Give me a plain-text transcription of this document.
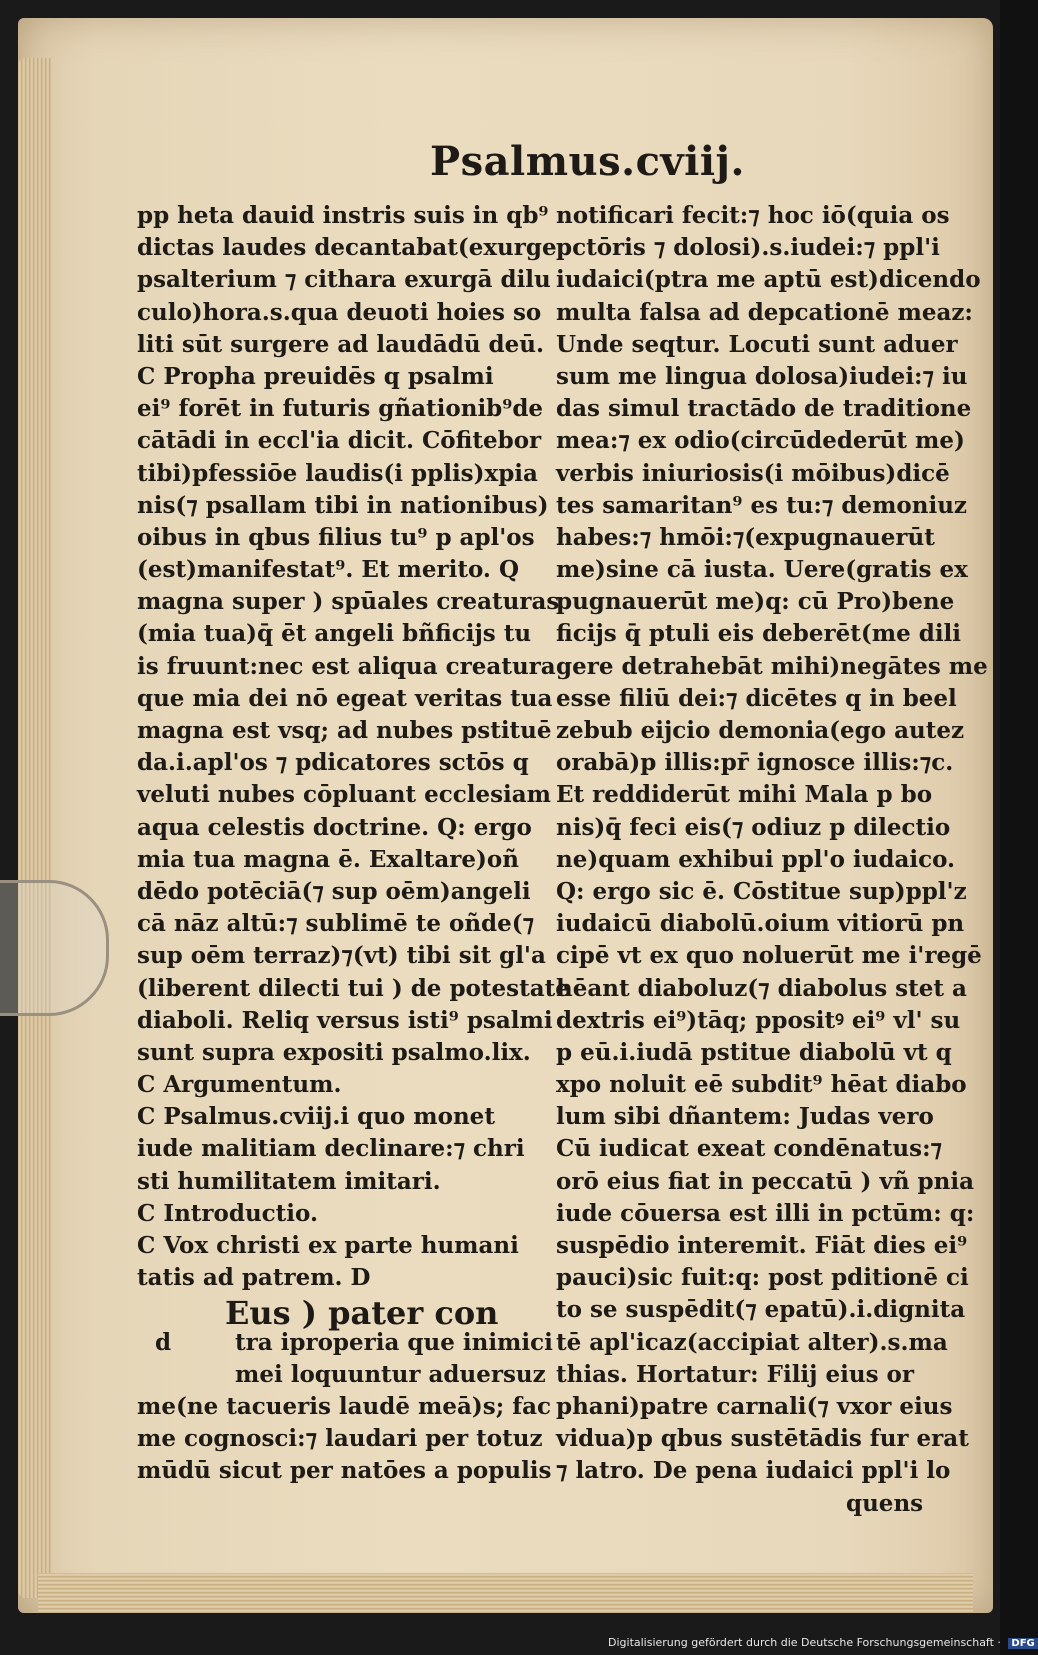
Psalmus.cviij.
pp heta dauid instris suis in qb⁹
dictas laudes decantabat(exurge
psalterium ⁊ cithara exurgā dilu
culo)hora.s.qua deuoti hoies so
liti sūt surgere ad laudādū deū.
C Propha preuidēs q psalmi
ei⁹ forēt in futuris gñationib⁹de
cātādi in eccl'ia dicit. Cōfitebor
tibi)pfessiōe laudis(i pplis)xpia
nis(⁊ psallam tibi in nationibus)
oibus in qbus filius tu⁹ p apl'os
(est)manifestat⁹. Et merito. Q
magna super ) spūales creaturas
(mia tua)q̄ ēt angeli bñficijs tu
is fruunt:nec est aliqua creatura
que mia dei nō egeat veritas tua
magna est vsq; ad nubes pstituē
da.i.apl'os ⁊ pdicatores sctōs q
veluti nubes cōpluant ecclesiam
aqua celestis doctrine. Q: ergo
mia tua magna ē. Exaltare)oñ
dēdo potēciā(⁊ sup oēm)angeli
cā nāz altū:⁊ sublimē te oñde(⁊
sup oēm terraz)⁊(vt) tibi sit gl'a
(liberent dilecti tui ) de potestate
diaboli. Reliq versus isti⁹ psalmi
sunt supra expositi psalmo.lix.
C Argumentum.
C Psalmus.cviij.i quo monet
iude malitiam declinare:⁊ chri
sti humilitatem imitari.
C Introductio.
C Vox christi ex parte humani
tatis ad patrem. D
Eus ) pater con
d	tra iproperia que inimici
mei loquuntur aduersuz
me(ne tacueris laudē meā)s; fac
me cognosci:⁊ laudari per totuz
mūdū sicut per natōes a populis
notificari fecit:⁊ hoc iō(quia os
pctōris ⁊ dolosi).s.iudei:⁊ ppl'i
iudaici(ptra me aptū est)dicendo
multa falsa ad depcationē meaz:
Unde seqtur. Locuti sunt aduer
sum me lingua dolosa)iudei:⁊ iu
das simul tractādo de traditione
mea:⁊ ex odio(circūdederūt me)
verbis iniuriosis(i mōibus)dicē
tes samaritan⁹ es tu:⁊ demoniuz
habes:⁊ hmōi:⁊(expugnauerūt
me)sine cā iusta. Uere(gratis ex
pugnauerūt me)q: cū Pro)bene
ficijs q̄ ptuli eis deberēt(me dili
gere detrahebāt mihi)negātes me
esse filiū dei:⁊ dicētes q in beel
zebub eijcio demonia(ego autez
orabā)p illis:pr̄ ignosce illis:⁊c.
Et reddiderūt mihi Mala p bo
nis)q̄ feci eis(⁊ odiuz p dilectio
ne)quam exhibui ppl'o iudaico.
Q: ergo sic ē. Cōstitue sup)ppl'z
iudaicū diabolū.oium vitiorū pn
cipē vt ex quo noluerūt me i'regē
hēant diaboluz(⁊ diabolus stet a
dextris ei⁹)tāq; ppositꝰ ei⁹ vl' su
p eū.i.iudā pstitue diabolū vt q
xpo noluit eē subdit⁹ hēat diabo
lum sibi dñantem: Judas vero
Cū iudicat exeat condēnatus:⁊
orō eius fiat in peccatū ) vñ pnia
iude cōuersa est illi in pctūm: q:
suspēdio interemit. Fiāt dies ei⁹
pauci)sic fuit:q: post pditionē ci
to se suspēdit(⁊ epatū).i.dignita
tē apl'icaz(accipiat alter).s.ma
thias. Hortatur: Filij eius or
phani)patre carnali(⁊ vxor eius
vidua)p qbus sustētādis fur erat
⁊ latro. De pena iudaici ppl'i lo
quens
Digitalisierung gefördert durch die Deutsche Forschungsgemeinschaft · DFG
